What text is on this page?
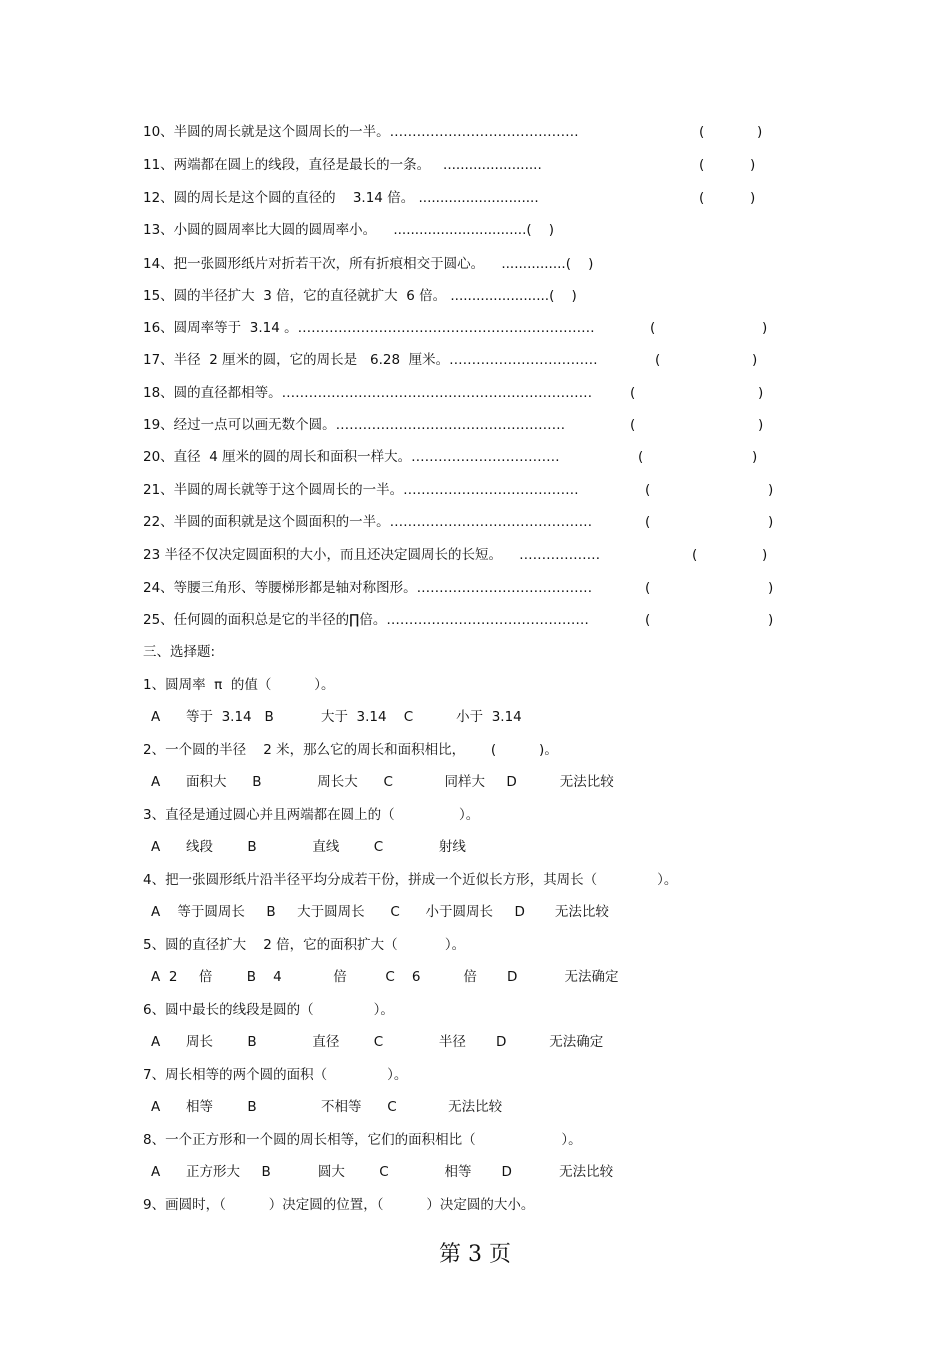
10、半圆的周长就是这个圆周长的一半。……………………………………	(	)
11、两端都在圆上的线段，直径是最长的一条。   .......................	(	)
12、圆的周长是这个圆的直径的    3.14 倍。 ............................	(	)
13、小圆的圆周率比大圆的圆周率小。    ...............................(    )
14、把一张圆形纸片对折若干次，所有折痕相交于圆心。    ...............(    )
15、圆的半径扩大  3 倍，它的直径就扩大  6 倍。 .......................(    )
16、圆周率等于  3.14 。…………………………………………………………	(	)
17、半径  2 厘米的圆，它的周长是   6.28  厘米。……………………………	(	)
18、圆的直径都相等。……………………………………………………………	(	)
19、经过一点可以画无数个圆。……………………………………………	(	)
20、直径  4 厘米的圆的周长和面积一样大。……………………………	(	)
21、半圆的周长就等于这个圆周长的一半。…………………………………	(	)
22、半圆的面积就是这个圆面积的一半。………………………………………	(	)
23 半径不仅决定圆面积的大小，而且还决定圆周长的长短。    ………………	(	)
24、等腰三角形、等腰梯形都是轴对称图形。…………………………………	(	)
25、任何圆的面积总是它的半径的∏倍。………………………………………	(	)
三、选择题:
1、圆周率  π  的值（          ）。
A      等于  3.14   B           大于  3.14    C          小于  3.14
2、一个圆的半径    2 米，那么它的周长和面积相比，      (          )。
A      面积大      B             周长大      C            同样大     D          无法比较
3、直径是通过圆心并且两端都在圆上的（               ）。
A      线段        B             直线        C             射线
4、把一张圆形纸片沿半径平均分成若干份，拼成一个近似长方形，其周长（              ）。
A    等于圆周长     B     大于圆周长      C      小于圆周长     D       无法比较
5、圆的直径扩大    2 倍，它的面积扩大（           ）。
A  2     倍        B    4            倍         C    6          倍       D           无法确定
6、圆中最长的线段是圆的（              ）。
A      周长        B             直径        C             半径       D          无法确定
7、周长相等的两个圆的面积（              ）。
A      相等        B               不相等      C            无法比较
8、一个正方形和一个圆的周长相等，它们的面积相比（                    ）。
A      正方形大     B           圆大        C             相等       D           无法比较
9、画圆时，（          ）决定圆的位置，（          ）决定圆的大小。
第 3 页
